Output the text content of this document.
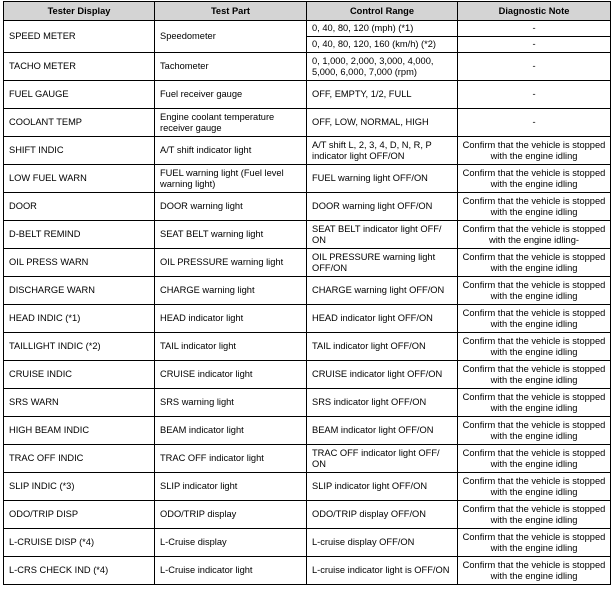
Tester Display	Test Part	Control Range	Diagnostic Note
SPEED METER	Speedometer	0, 40, 80, 120 (mph) (*1)	-
		0, 40, 80, 120, 160 (km/h) (*2)	-
TACHO METER	Tachometer	0, 1,000, 2,000, 3,000, 4,000, 5,000, 6,000, 7,000 (rpm)	-
FUEL GAUGE	Fuel receiver gauge	OFF, EMPTY, 1/2, FULL	-
COOLANT TEMP	Engine coolant temperature receiver gauge	OFF, LOW, NORMAL, HIGH	-
SHIFT INDIC	A/T shift indicator light	A/T shift L, 2, 3, 4, D, N, R, P indicator light OFF/ON	Confirm that the vehicle is stopped with the engine idling
LOW FUEL WARN	FUEL warning light (Fuel level warning light)	FUEL warning light OFF/ON	Confirm that the vehicle is stopped with the engine idling
DOOR	DOOR warning light	DOOR warning light OFF/ON	Confirm that the vehicle is stopped with the engine idling
D-BELT REMIND	SEAT BELT warning light	SEAT BELT indicator light OFF/ ON	Confirm that the vehicle is stopped with the engine idling-
OIL PRESS WARN	OIL PRESSURE warning light	OIL PRESSURE warning light OFF/ON	Confirm that the vehicle is stopped with the engine idling
DISCHARGE WARN	CHARGE warning light	CHARGE warning light OFF/ON	Confirm that the vehicle is stopped with the engine idling
HEAD INDIC (*1)	HEAD indicator light	HEAD indicator light OFF/ON	Confirm that the vehicle is stopped with the engine idling
TAILLIGHT INDIC (*2)	TAIL indicator light	TAIL indicator light OFF/ON	Confirm that the vehicle is stopped with the engine idling
CRUISE INDIC	CRUISE indicator light	CRUISE indicator light OFF/ON	Confirm that the vehicle is stopped with the engine idling
SRS WARN	SRS warning light	SRS indicator light OFF/ON	Confirm that the vehicle is stopped with the engine idling
HIGH BEAM INDIC	BEAM indicator light	BEAM indicator light OFF/ON	Confirm that the vehicle is stopped with the engine idling
TRAC OFF INDIC	TRAC OFF indicator light	TRAC OFF indicator light OFF/ ON	Confirm that the vehicle is stopped with the engine idling
SLIP INDIC (*3)	SLIP indicator light	SLIP indicator light OFF/ON	Confirm that the vehicle is stopped with the engine idling
ODO/TRIP DISP	ODO/TRIP display	ODO/TRIP display OFF/ON	Confirm that the vehicle is stopped with the engine idling
L-CRUISE DISP (*4)	L-Cruise display	L-cruise display OFF/ON	Confirm that the vehicle is stopped with the engine idling
L-CRS CHECK IND (*4)	L-Cruise indicator light	L-cruise indicator light is OFF/ON	Confirm that the vehicle is stopped with the engine idling
